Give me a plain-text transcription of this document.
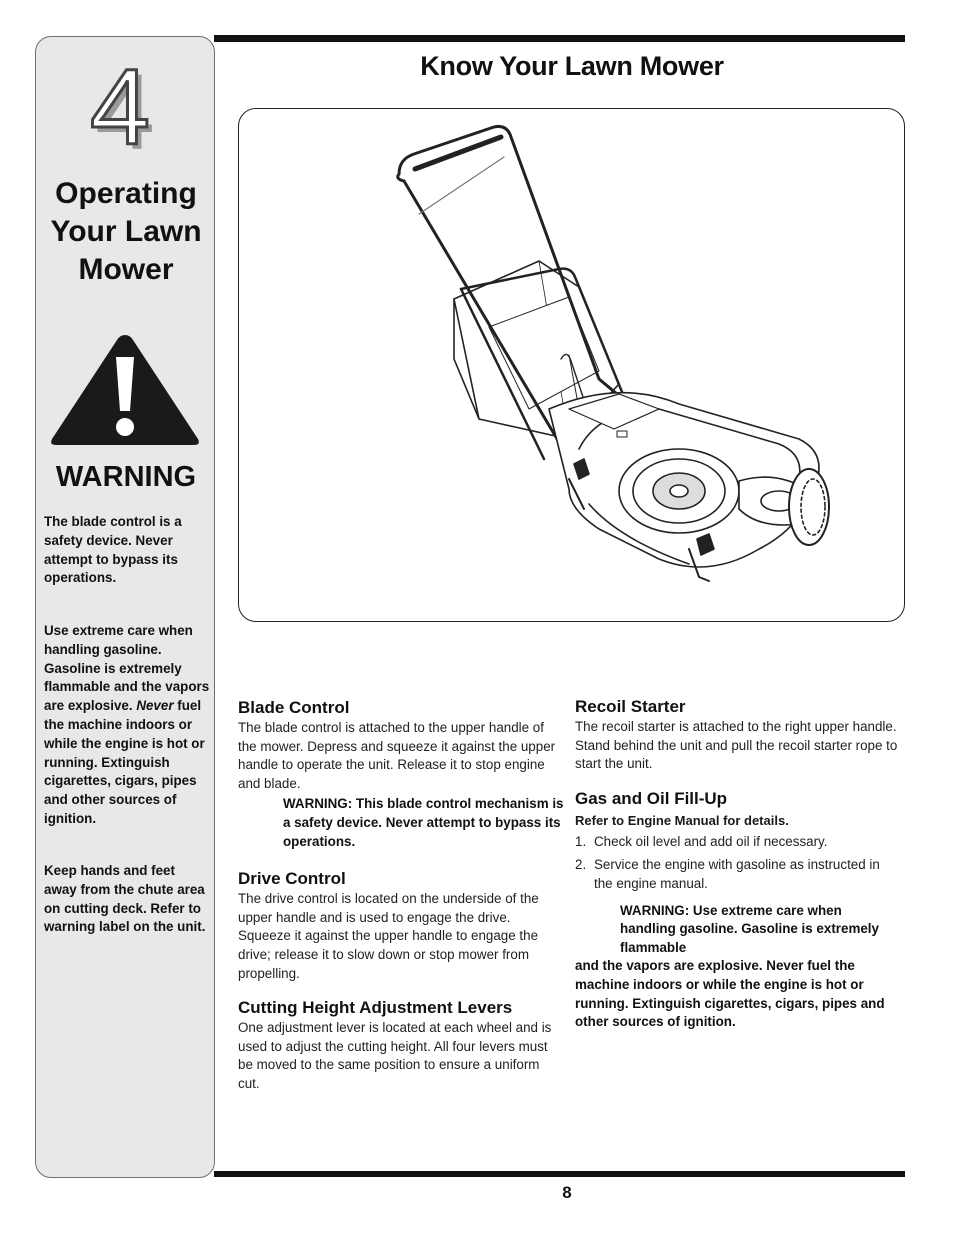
4
Operating
Your Lawn
Mower
WARNING
The blade control is a safety device. Never attempt to bypass its operations.
Use extreme care when handling gasoline. Gasoline is extremely flammable and the vapors are explosive. Never fuel the machine indoors or while the engine is hot or running. Extinguish cigarettes, cigars, pipes and other sources of ignition.
Keep hands and feet away from the chute area on cutting deck. Refer to warning label on the unit.
Know Your Lawn Mower
Blade Control
The blade control is attached to the upper handle of the mower. Depress and squeeze it against the upper handle to operate the unit. Release it to stop engine and blade.
WARNING: This blade control mechanism is a safety device. Never attempt to bypass its operations.
Drive Control
The drive control is located on the underside of the upper handle and is used to engage the drive. Squeeze it against the upper handle to engage the drive; release it to slow down or stop mower from propelling.
Cutting Height Adjustment Levers
One adjustment lever is located at each wheel and is used to adjust the cutting height. All four levers must be moved to the same position to ensure a uniform cut.
Recoil Starter
The recoil starter is attached to the right upper handle. Stand behind the unit and pull the recoil starter rope to start the unit.
Gas and Oil Fill-Up
Refer to Engine Manual for details.
1. Check oil level and add oil if necessary.
2. Service the engine with gasoline as instructed in the engine manual.
WARNING: Use extreme care when handling gasoline. Gasoline is extremely flammable
and the vapors are explosive. Never fuel the machine indoors or while the engine is hot or running. Extinguish cigarettes, cigars, pipes and other sources of ignition.
8
